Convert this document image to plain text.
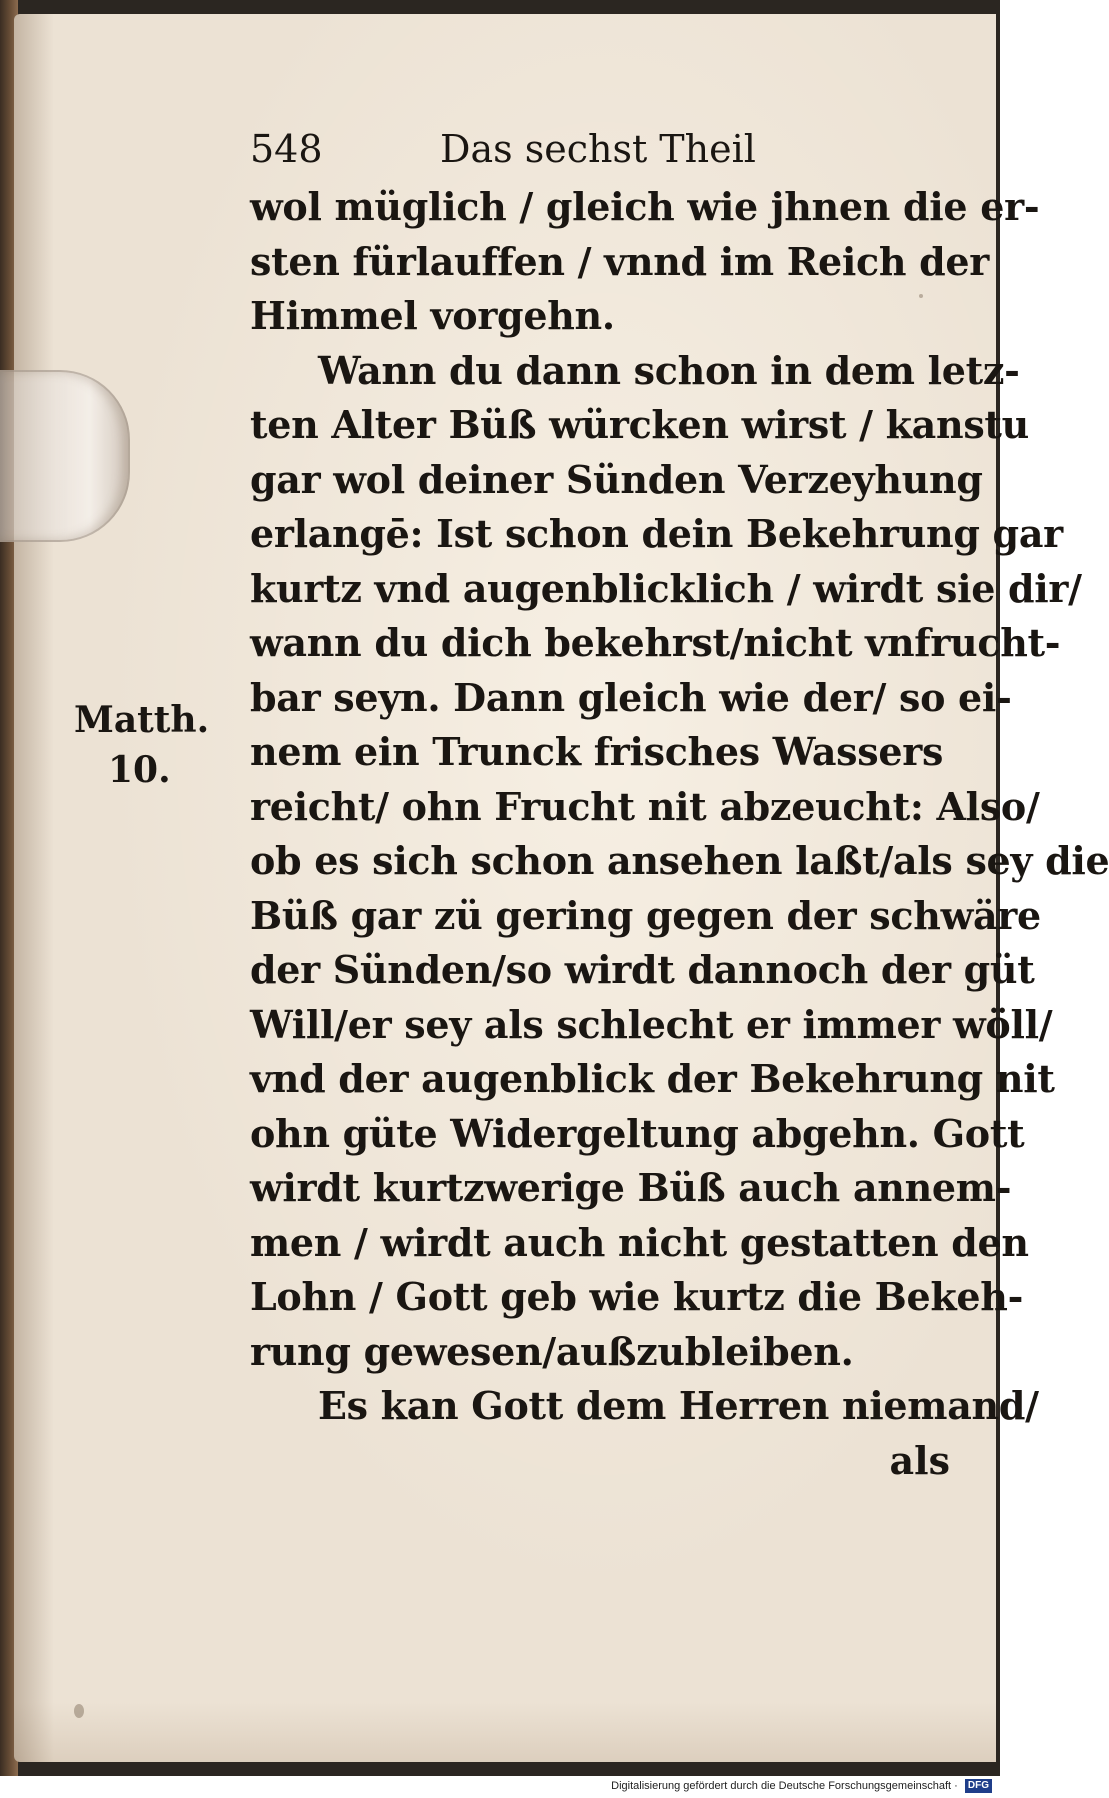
548	Das sechst Theil
wol müglich / gleich wie jhnen die er-
sten fürlauffen / vnnd im Reich der
Himmel vorgehn.
Wann du dann schon in dem letz-
ten Alter Büß würcken wirst / kanstu
gar wol deiner Sünden Verzeyhung
erlangē: Ist schon dein Bekehrung gar
kurtz vnd augenblicklich / wirdt sie dir/
wann du dich bekehrst/nicht vnfrucht-
bar seyn. Dann gleich wie der/ so ei-
nem ein Trunck frisches Wassers
reicht/ ohn Frucht nit abzeucht: Also/
ob es sich schon ansehen laßt/als sey die
Büß gar zü gering gegen der schwäre
der Sünden/so wirdt dannoch der güt
Will/er sey als schlecht er immer wöll/
vnd der augenblick der Bekehrung nit
ohn güte Widergeltung abgehn. Gott
wirdt kurtzwerige Büß auch annem-
men / wirdt auch nicht gestatten den
Lohn / Gott geb wie kurtz die Bekeh-
rung gewesen/außzubleiben.
Es kan Gott dem Herren niemand/
als
Matth.
10.
Digitalisierung gefördert durch die Deutsche Forschungsgemeinschaft · DFG
